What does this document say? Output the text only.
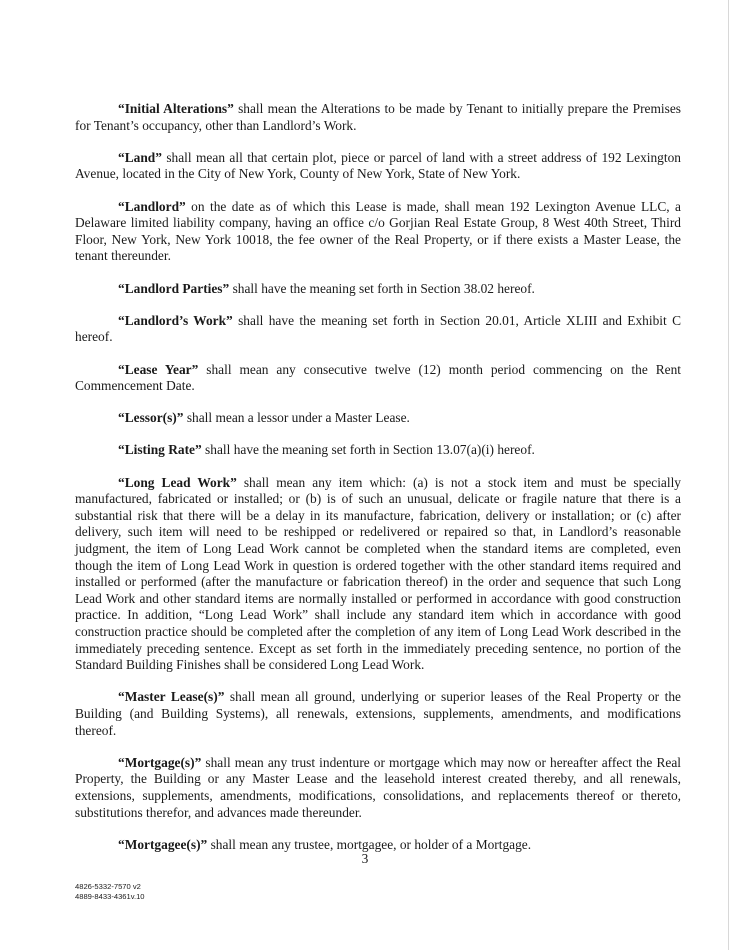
“Initial Alterations” shall mean the Alterations to be made by Tenant to initially prepare the Premises for Tenant’s occupancy, other than Landlord’s Work.

“Land” shall mean all that certain plot, piece or parcel of land with a street address of 192 Lexington Avenue, located in the City of New York, County of New York, State of New York.

“Landlord” on the date as of which this Lease is made, shall mean 192 Lexington Avenue LLC, a Delaware limited liability company, having an office c/o Gorjian Real Estate Group, 8 West 40th Street, Third Floor, New York, New York 10018, the fee owner of the Real Property, or if there exists a Master Lease, the tenant thereunder.

“Landlord Parties” shall have the meaning set forth in Section 38.02 hereof.

“Landlord’s Work” shall have the meaning set forth in Section 20.01, Article XLIII and Exhibit C hereof.

“Lease Year” shall mean any consecutive twelve (12) month period commencing on the Rent Commencement Date.

“Lessor(s)” shall mean a lessor under a Master Lease.

“Listing Rate” shall have the meaning set forth in Section 13.07(a)(i) hereof.

“Long Lead Work” shall mean any item which: (a) is not a stock item and must be specially manufactured, fabricated or installed; or (b) is of such an unusual, delicate or fragile nature that there is a substantial risk that there will be a delay in its manufacture, fabrication, delivery or installation; or (c) after delivery, such item will need to be reshipped or redelivered or repaired so that, in Landlord’s reasonable judgment, the item of Long Lead Work cannot be completed when the standard items are completed, even though the item of Long Lead Work in question is ordered together with the other standard items required and installed or performed (after the manufacture or fabrication thereof) in the order and sequence that such Long Lead Work and other standard items are normally installed or performed in accordance with good construction practice. In addition, “Long Lead Work” shall include any standard item which in accordance with good construction practice should be completed after the completion of any item of Long Lead Work described in the immediately preceding sentence. Except as set forth in the immediately preceding sentence, no portion of the Standard Building Finishes shall be considered Long Lead Work.

“Master Lease(s)” shall mean all ground, underlying or superior leases of the Real Property or the Building (and Building Systems), all renewals, extensions, supplements, amendments, and modifications thereof.

“Mortgage(s)” shall mean any trust indenture or mortgage which may now or hereafter affect the Real Property, the Building or any Master Lease and the leasehold interest created thereby, and all renewals, extensions, supplements, amendments, modifications, consolidations, and replacements thereof or thereto, substitutions therefor, and advances made thereunder.

“Mortgagee(s)” shall mean any trustee, mortgagee, or holder of a Mortgage.

3
4826-5332-7570 v2
4889-8433-4361v.10
